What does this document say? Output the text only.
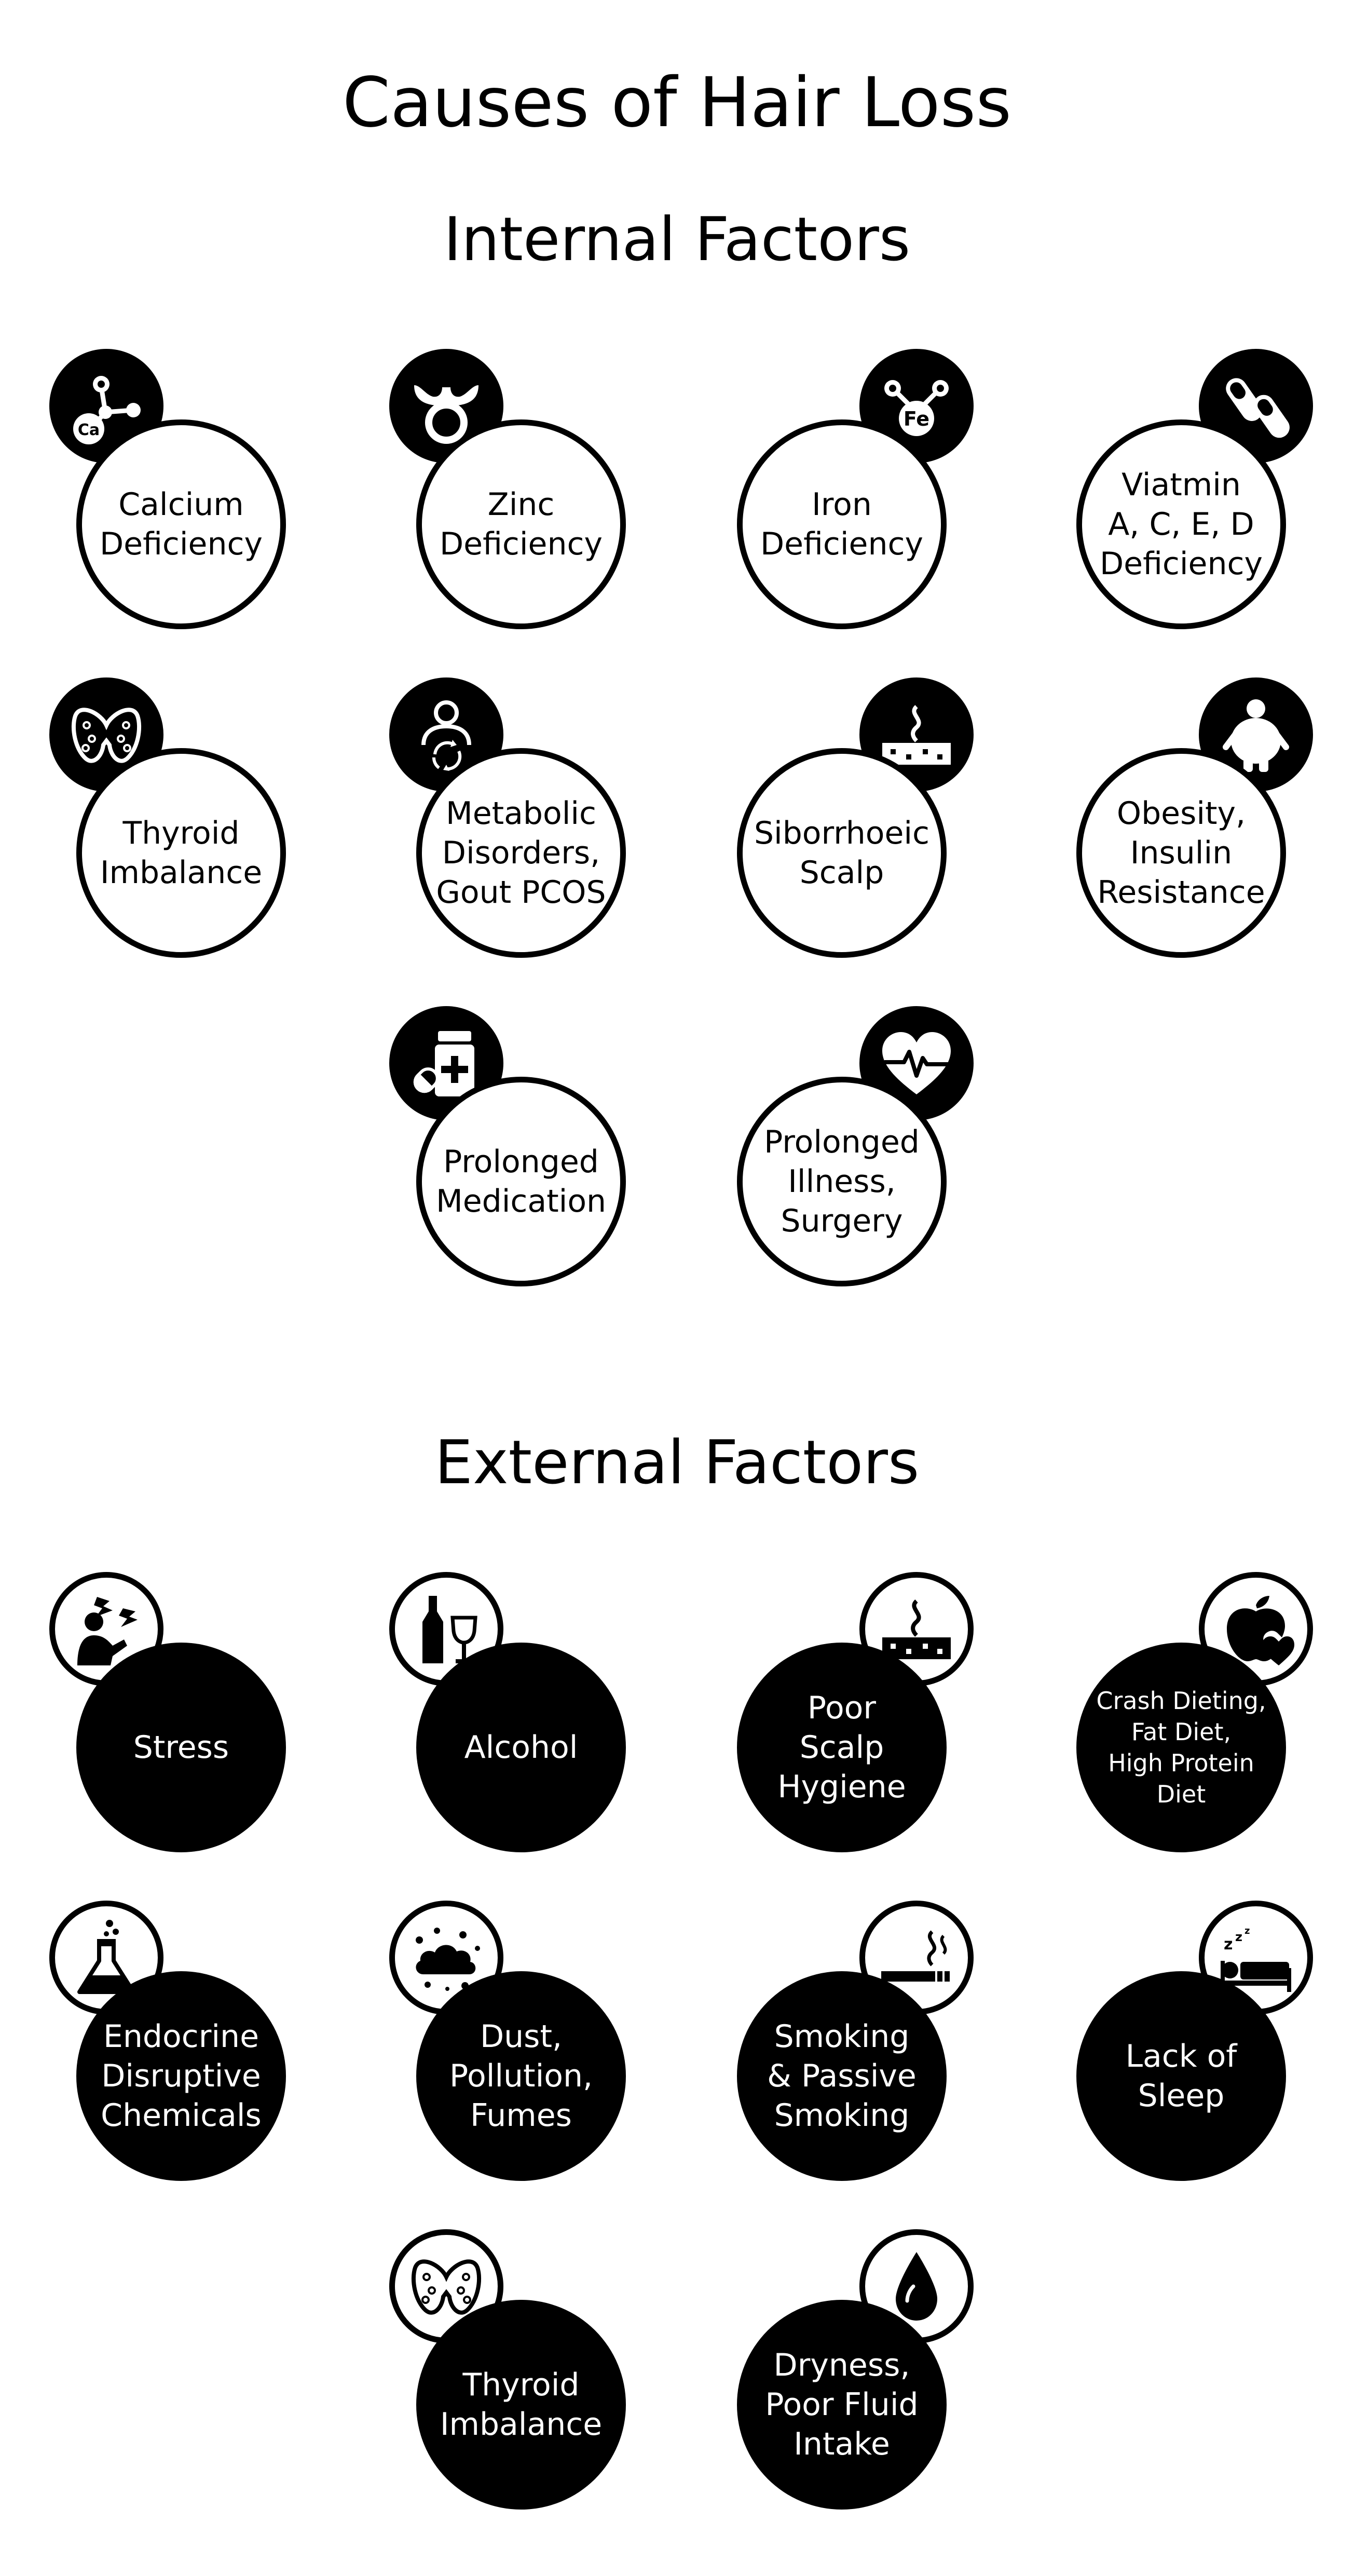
Causes of Hair Loss
Internal Factors
External Factors
Ca
Calcium
Deficiency
Zinc
Deficiency
Fe
Iron
Deficiency
Viatmin
A, C, E, D
Deficiency
Thyroid
Imbalance
Metabolic
Disorders,
Gout PCOS
Siborrhoeic
Scalp
Obesity,
Insulin
Resistance
Prolonged
Medication
Prolonged
Illness,
Surgery
Stress	Alcohol
Poor
Scalp
Hygiene
Crash Dieting,
Fat Diet,
High Protein
Diet
Endocrine
Disruptive
Chemicals
Dust,
Pollution,
Fumes
Smoking
& Passive
Smoking
z z z
Lack of
Sleep
Thyroid
Imbalance
Dryness,
Poor Fluid
Intake
